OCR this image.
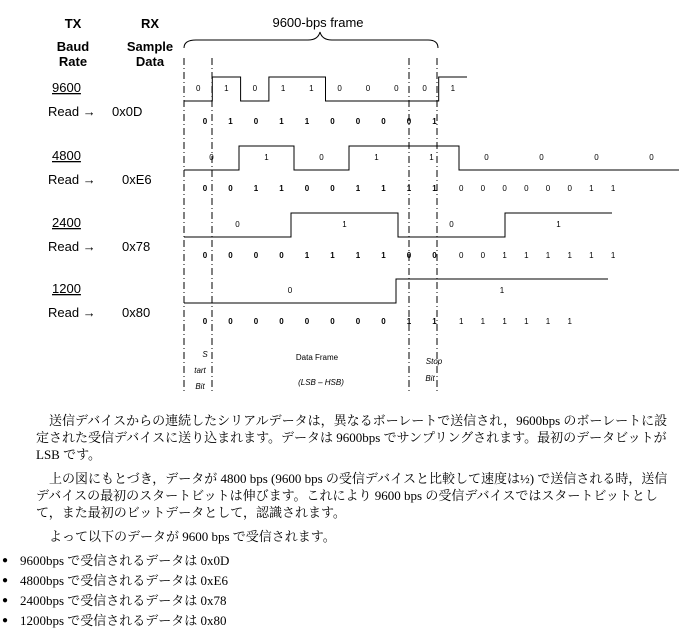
TX	RX
Baud
Rate
Sample
Data
9600-bps frame
9600
Read → 0x0D
4800
Read → 0xE6
2400
Read → 0x78
1200
Read → 0x80
0	1	0	1	1	0	0	0	0	1
0	1	0	1	1	0	0	0	0
0	1	0	1
0	1
0	1	0	1	1	0	0	0	0	1
0	0	1	1	0	0	1	1	1	1	0 0 0 0 0 0 1 1
0	0	0	0	1	1	1	1	0	0	0 0 1 1 1 1 1 1
0	0	0	0	0	0	0	0	1	1	1 1 1 1 1 1
S
tart
Bit
Data Frame
(LSB – HSB)
Stop
Bit

送信デバイスからの連続したシリアルデータは，異なるボーレートで送信され，9600bps のボーレートに設定された受信デバイスに送り込まれます。データは 9600bps でサンプリングされます。最初のデータビットが LSB です。

上の図にもとづき，データが 4800 bps (9600 bps の受信デバイスと比較して速度は½) で送信される時，送信デバイスの最初のスタートビットは伸びます。これにより 9600 bps の受信デバイスではスタートビットとして，また最初のビットデータとして，認識されます。

よって以下のデータが 9600 bps で受信されます。

● 9600bps で受信されるデータは 0x0D
● 4800bps で受信されるデータは 0xE6
● 2400bps で受信されるデータは 0x78
● 1200bps で受信されるデータは 0x80
